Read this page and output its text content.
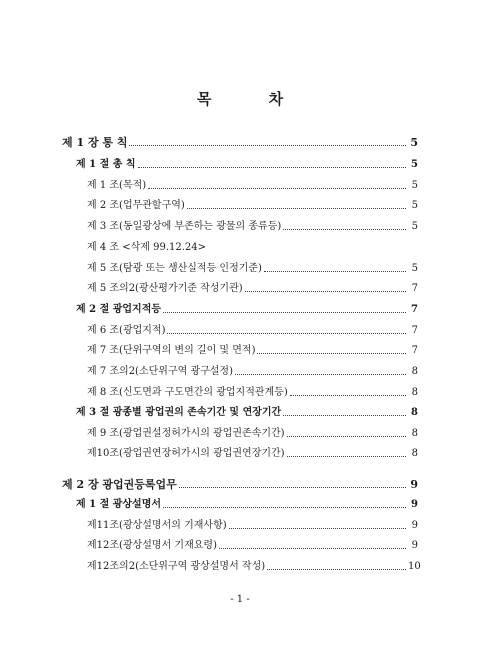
목 차
제 1 장 통 칙	5
제 1 절 총 칙	5
제 1 조(목적)	5
제 2 조(업무관할구역)	5
제 3 조(동일광상에 부존하는 광물의 종류등)	5
제 4 조 <삭제 99.12.24>
제 5 조(탐광 또는 생산실적등 인정기준)	5
제 5 조의2(광산평가기준 작성기관)	7
제 2 절 광업지적등	7
제 6 조(광업지적)	7
제 7 조(단위구역의 변의 길이 및 면적)	7
제 7 조의2(소단위구역 광구설정)	8
제 8 조(신도면과 구도면간의 광업지적관계등)	8
제 3 절 광종별 광업권의 존속기간 및 연장기간	8
제 9 조(광업권설정허가시의 광업권존속기간)	8
제10조(광업권연장허가시의 광업권연장기간)	8
제 2 장 광업권등록업무	9
제 1 절 광상설명서	9
제11조(광상설명서의 기재사항)	9
제12조(광상설명서 기재요령)	9
제12조의2(소단위구역 광상설명서 작성)	10
- 1 -
